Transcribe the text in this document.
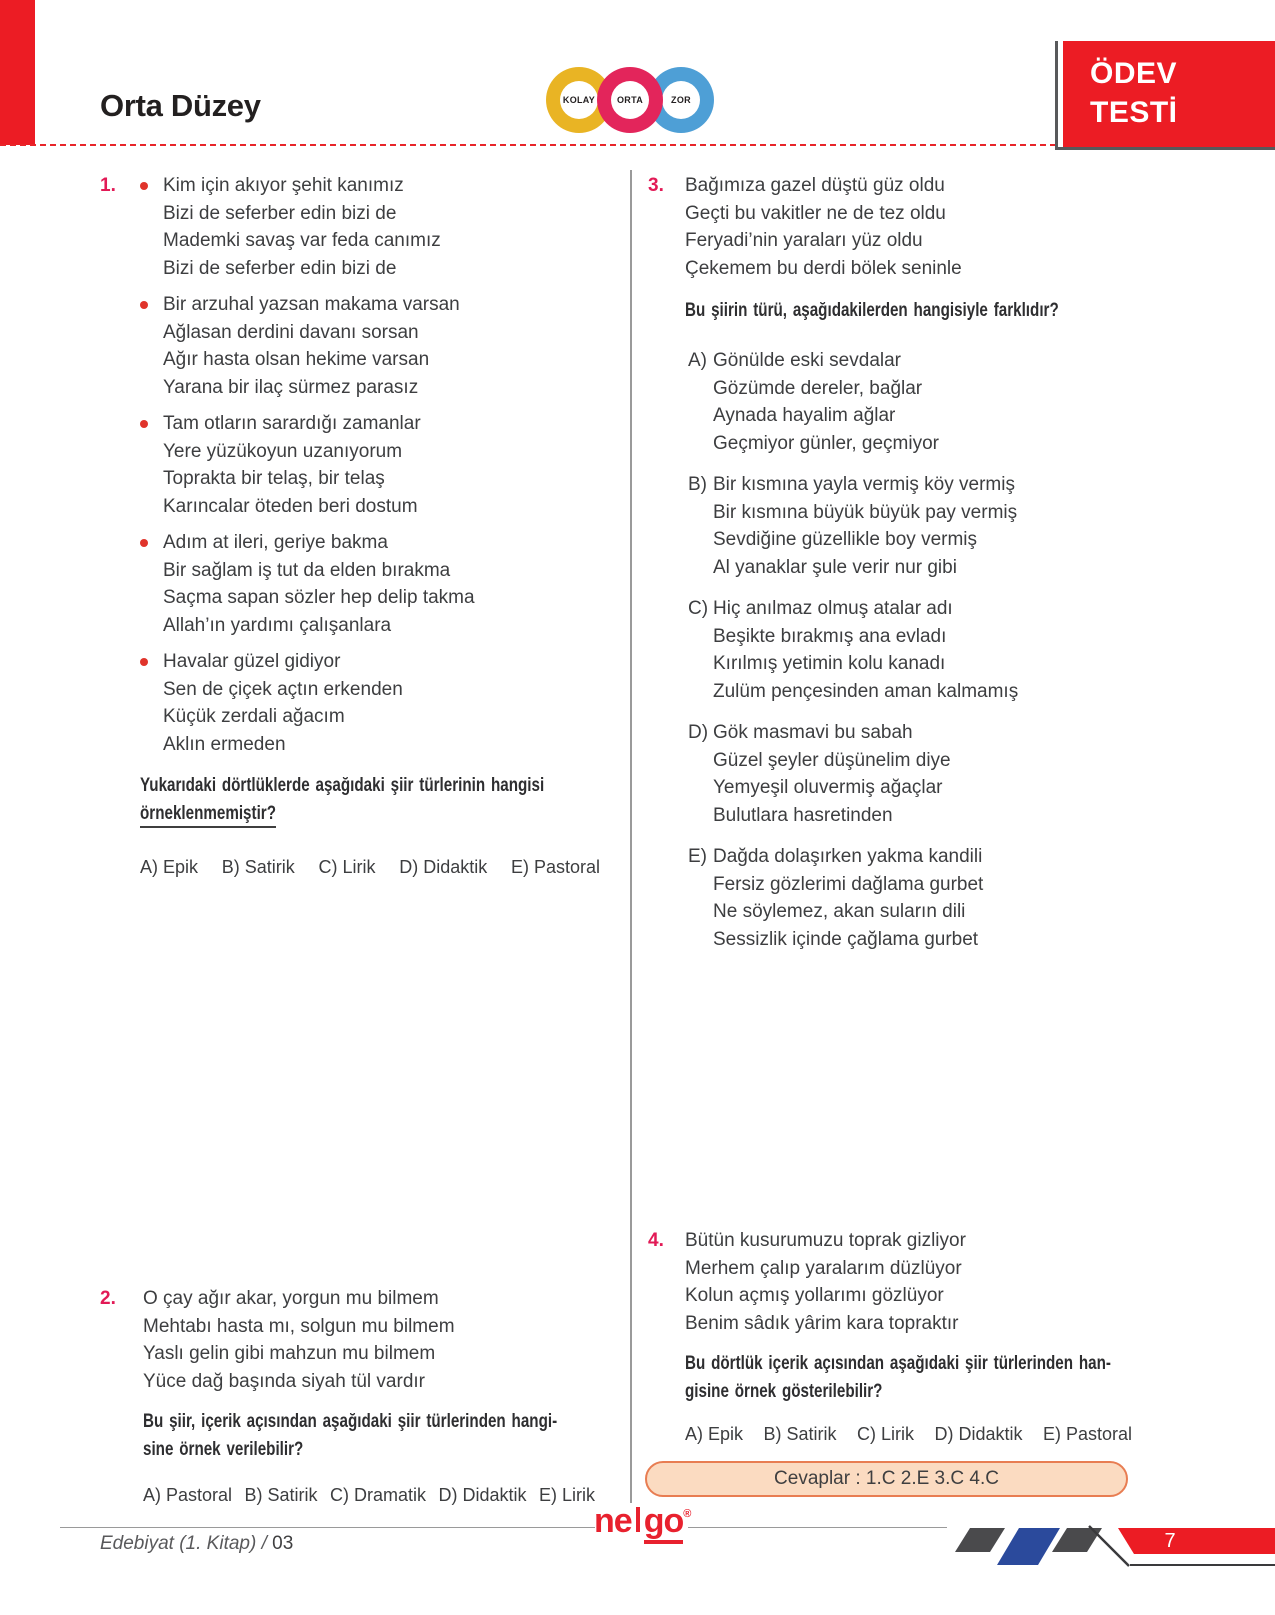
Orta Düzey	KOLAY	ZOR
ORTA
ÖDEV
TESTİ
1. Kim için akıyor şehit kanımız
Bizi de seferber edin bizi de
Mademki savaş var feda canımız
Bizi de seferber edin bizi de
Bir arzuhal yazsan makama varsan
Ağlasan derdini davanı sorsan
Ağır hasta olsan hekime varsan
Yarana bir ilaç sürmez parasız
Tam otların sarardığı zamanlar
Yere yüzükoyun uzanıyorum
Toprakta bir telaş, bir telaş
Karıncalar öteden beri dostum
Adım at ileri, geriye bakma
Bir sağlam iş tut da elden bırakma
Saçma sapan sözler hep delip takma
Allah’ın yardımı çalışanlara
Havalar güzel gidiyor
Sen de çiçek açtın erkenden
Küçük zerdali ağacım
Aklın ermeden
Yukarıdaki dörtlüklerde aşağıdaki şiir türlerinin hangisi
örneklenmemiştir?
A) Epik B) Satirik C) Lirik D) Didaktik E) Pastoral
2. O çay ağır akar, yorgun mu bilmem
Mehtabı hasta mı, solgun mu bilmem
Yaslı gelin gibi mahzun mu bilmem
Yüce dağ başında siyah tül vardır
Bu şiir, içerik açısından aşağıdaki şiir türlerinden hangi-
sine örnek verilebilir?
A) Pastoral B) Satirik C) Dramatik D) Didaktik E) Lirik
3. Bağımıza gazel düştü güz oldu
Geçti bu vakitler ne de tez oldu
Feryadi’nin yaraları yüz oldu
Çekemem bu derdi bölek seninle
Bu şiirin türü, aşağıdakilerden hangisiyle farklıdır?
A) Gönülde eski sevdalar
Gözümde dereler, bağlar
Aynada hayalim ağlar
Geçmiyor günler, geçmiyor
B) Bir kısmına yayla vermiş köy vermiş
Bir kısmına büyük büyük pay vermiş
Sevdiğine güzellikle boy vermiş
Al yanaklar şule verir nur gibi
C) Hiç anılmaz olmuş atalar adı
Beşikte bırakmış ana evladı
Kırılmış yetimin kolu kanadı
Zulüm pençesinden aman kalmamış
D) Gök masmavi bu sabah
Güzel şeyler düşünelim diye
Yemyeşil oluvermiş ağaçlar
Bulutlara hasretinden
E) Dağda dolaşırken yakma kandili
Fersiz gözlerimi dağlama gurbet
Ne söylemez, akan suların dili
Sessizlik içinde çağlama gurbet
4. Bütün kusurumuzu toprak gizliyor
Merhem çalıp yaralarım düzlüyor
Kolun açmış yollarımı gözlüyor
Benim sâdık yârim kara topraktır
Bu dörtlük içerik açısından aşağıdaki şiir türlerinden han-
gisine örnek gösterilebilir?
A) Epik B) Satirik C) Lirik D) Didaktik E) Pastoral
Cevaplar : 1.C 2.E 3.C 4.C
Edebiyat (1. Kitap) / 03
ne go®
7
